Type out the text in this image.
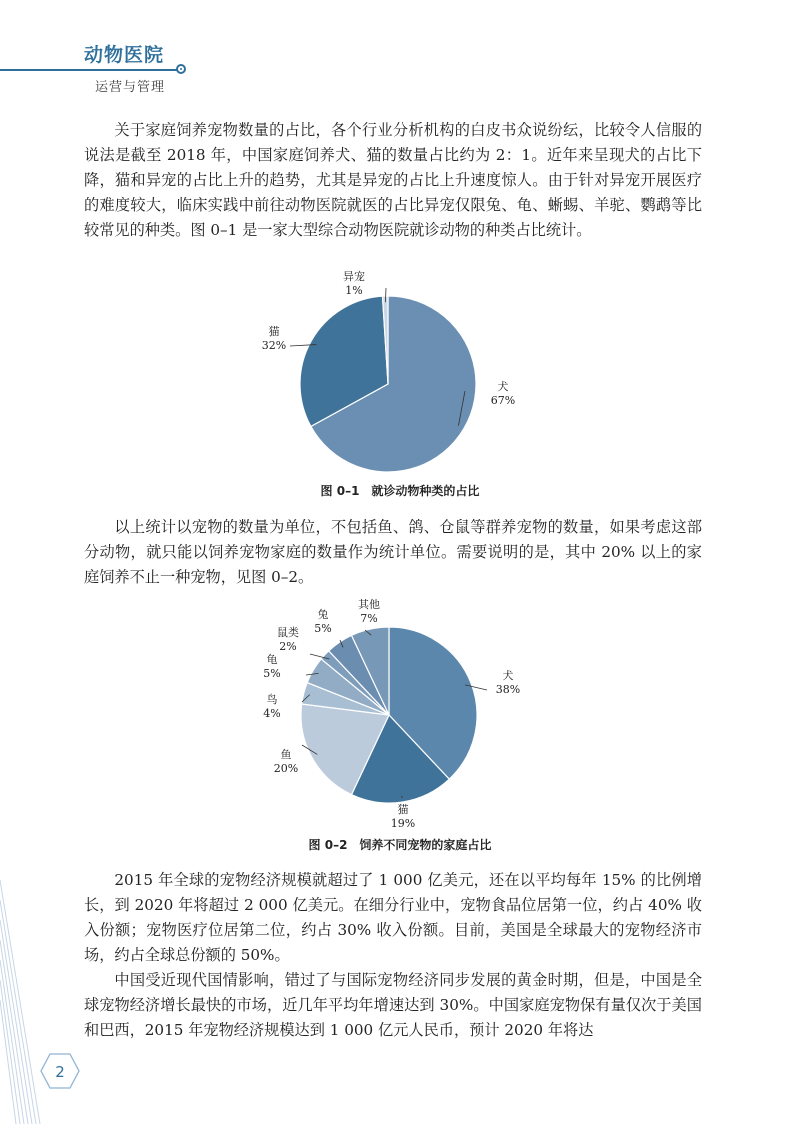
动物医院
运营与管理

关于家庭饲养宠物数量的占比，各个行业分析机构的白皮书众说纷纭，比较令人信服的说法是截至 2018 年，中国家庭饲养犬、猫的数量占比约为 2：1。近年来呈现犬的占比下降，猫和异宠的占比上升的趋势，尤其是异宠的占比上升速度惊人。由于针对异宠开展医疗的难度较大，临床实践中前往动物医院就医的占比异宠仅限兔、龟、蜥蜴、羊驼、鹦鹉等比较常见的种类。图 0–1 是一家大型综合动物医院就诊动物的种类占比统计。

犬
67%
猫
32%
异宠
1%
图 0–1　就诊动物种类的占比

以上统计以宠物的数量为单位，不包括鱼、鸽、仓鼠等群养宠物的数量，如果考虑这部分动物，就只能以饲养宠物家庭的数量作为统计单位。需要说明的是，其中 20% 以上的家庭饲养不止一种宠物，见图 0–2。

犬
38%
猫
19%
鱼
20%
鸟
4%
龟
5%
鼠类
2%
兔
5%
其他
7%
图 0–2　饲养不同宠物的家庭占比

2015 年全球的宠物经济规模就超过了 1 000 亿美元，还在以平均每年 15% 的比例增长，到 2020 年将超过 2 000 亿美元。在细分行业中，宠物食品位居第一位，约占 40% 收入份额；宠物医疗位居第二位，约占 30% 收入份额。目前，美国是全球最大的宠物经济市场，约占全球总份额的 50%。

中国受近现代国情影响，错过了与国际宠物经济同步发展的黄金时期，但是，中国是全球宠物经济增长最快的市场，近几年平均年增速达到 30%。中国家庭宠物保有量仅次于美国和巴西，2015 年宠物经济规模达到 1 000 亿元人民币，预计 2020 年将达

2
